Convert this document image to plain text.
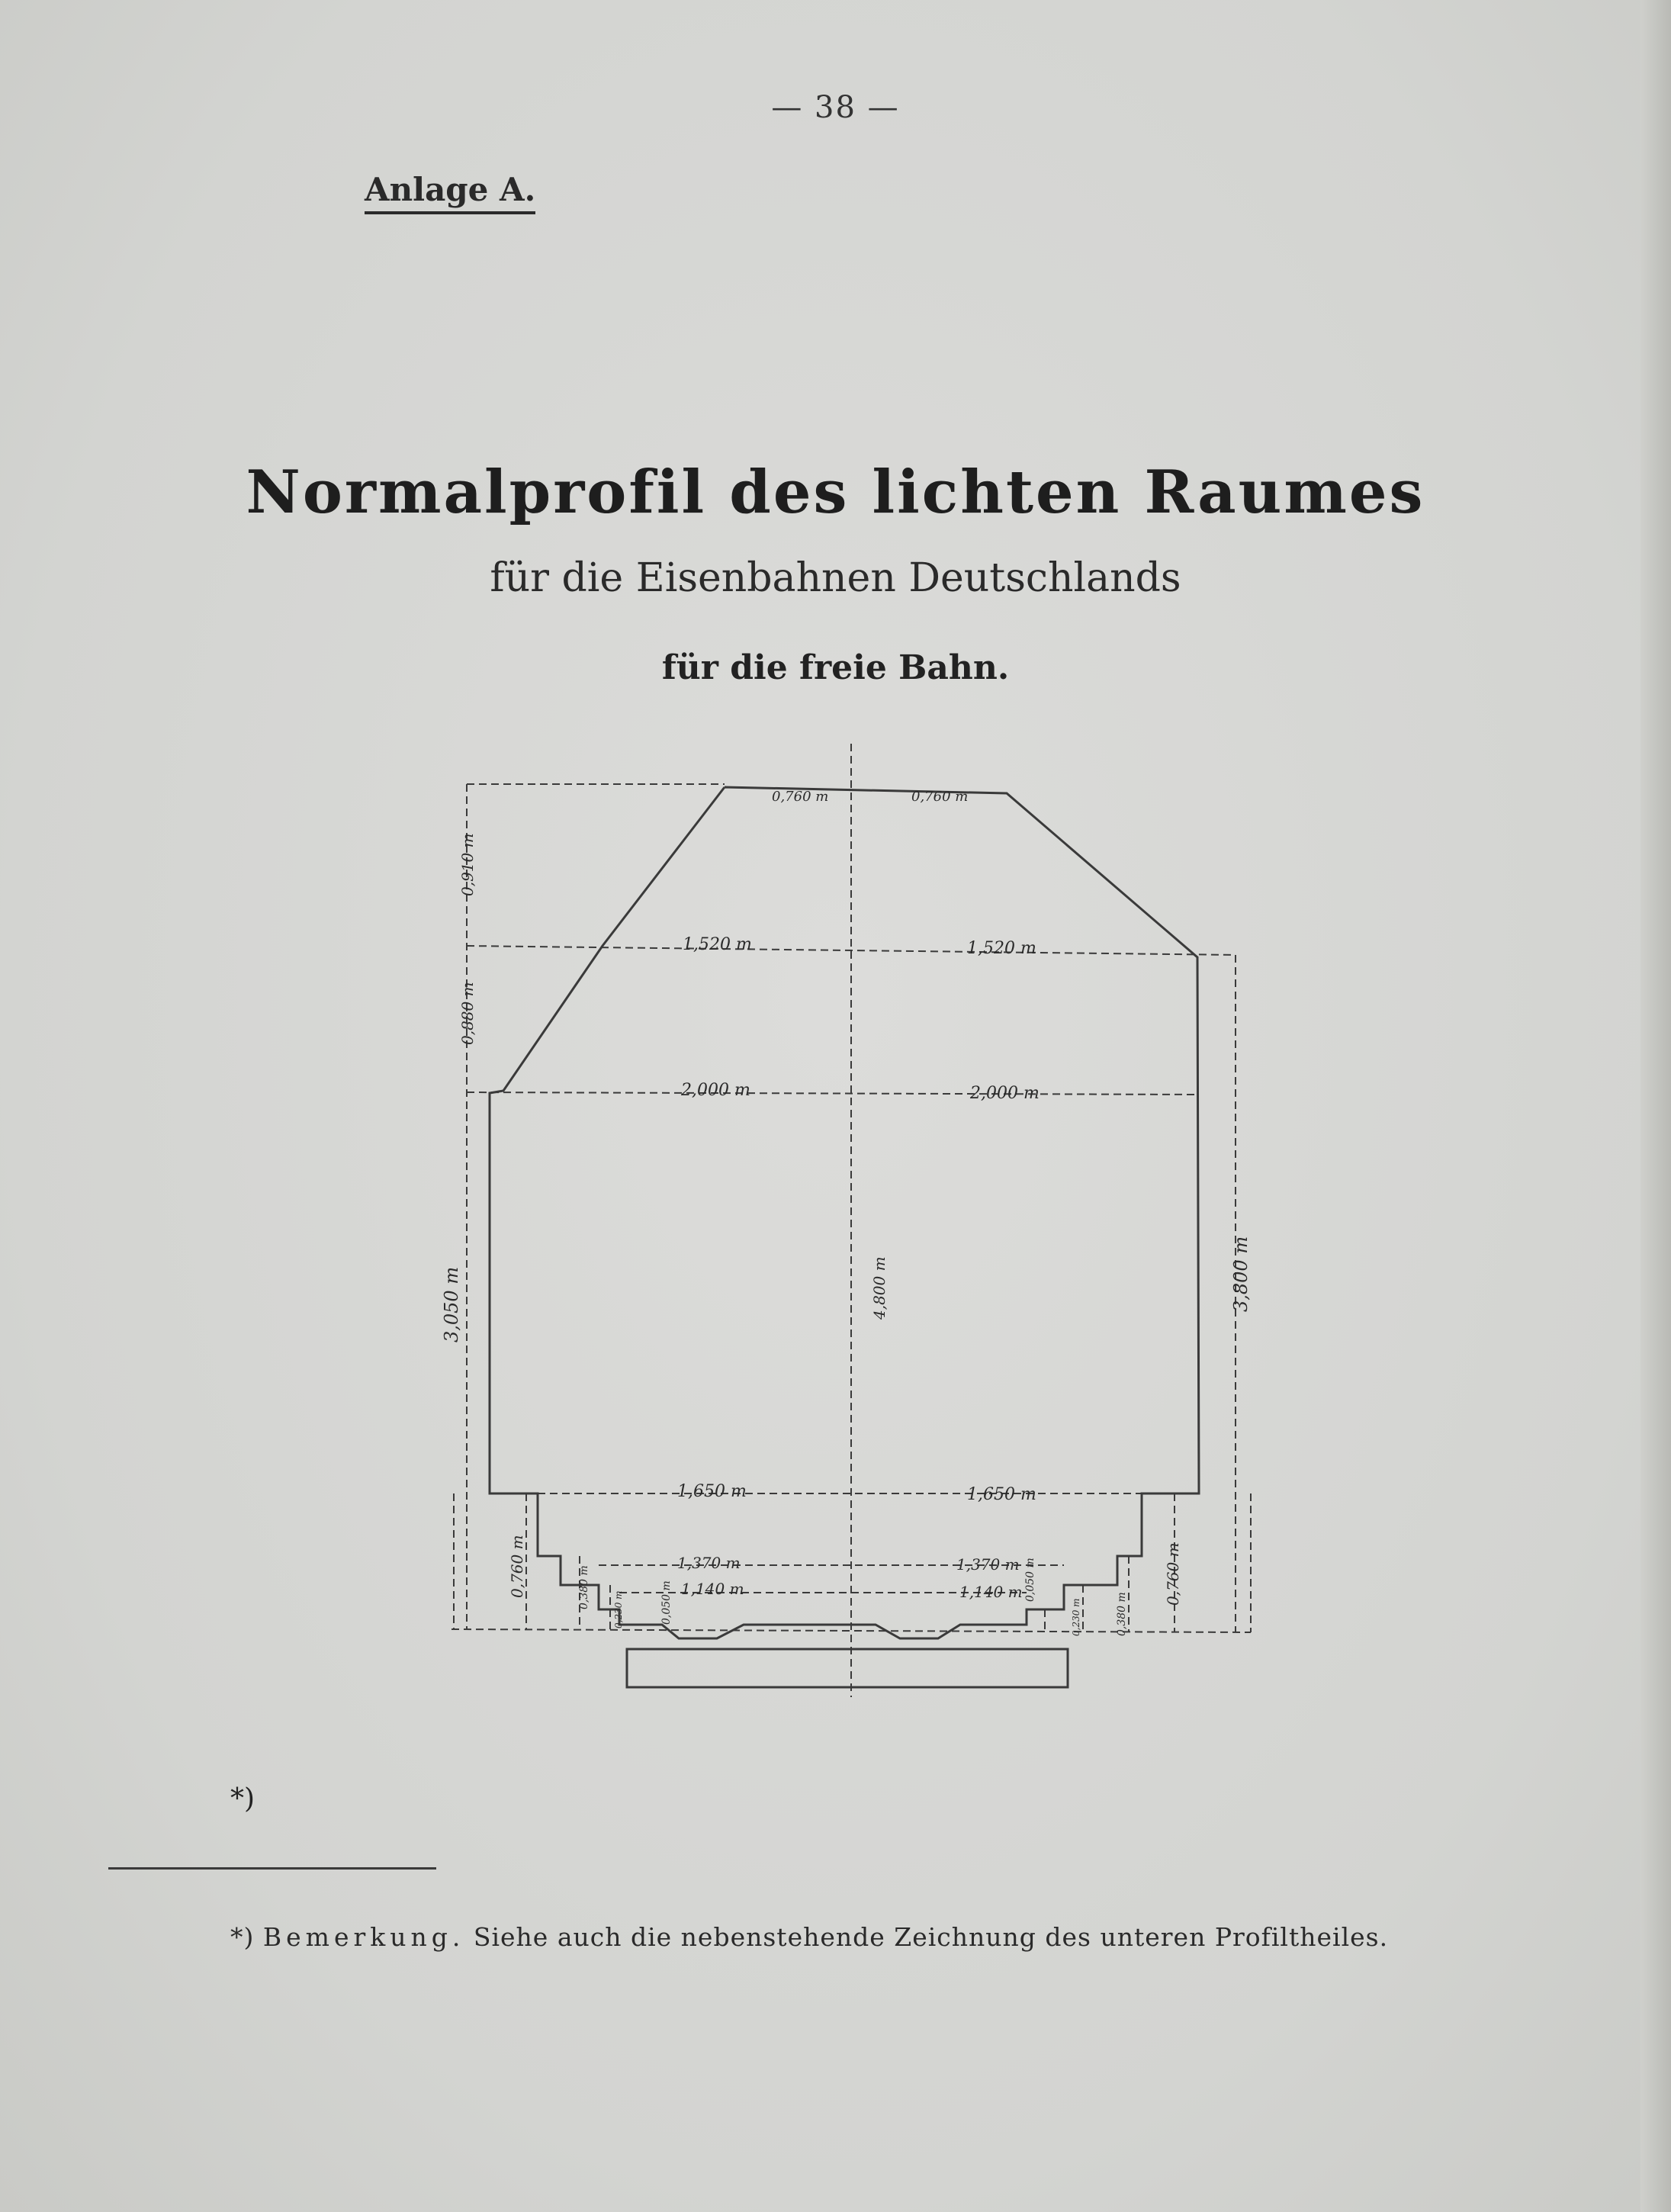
— 38 —
Anlage A.
Normalprofil des lichten Raumes
für die Eisenbahnen Deutschlands
für die freie Bahn.
0,760 m	0,760 m
1,520 m	1,520 m
2,000 m	2,000 m
1,650 m	1,650 m
1,370 m	1,370 m
1,140 m	1,140 m
0,910 m
0,880 m
3,050 m	3,800 m
4,800 m
0,760 m	0,760 m
0,380 m
0,380 m
0,050 m
0,050 m
0,230 m	0,230 m
*)
*) Bemerkung. Siehe auch die nebenstehende Zeichnung des unteren Profiltheiles.
